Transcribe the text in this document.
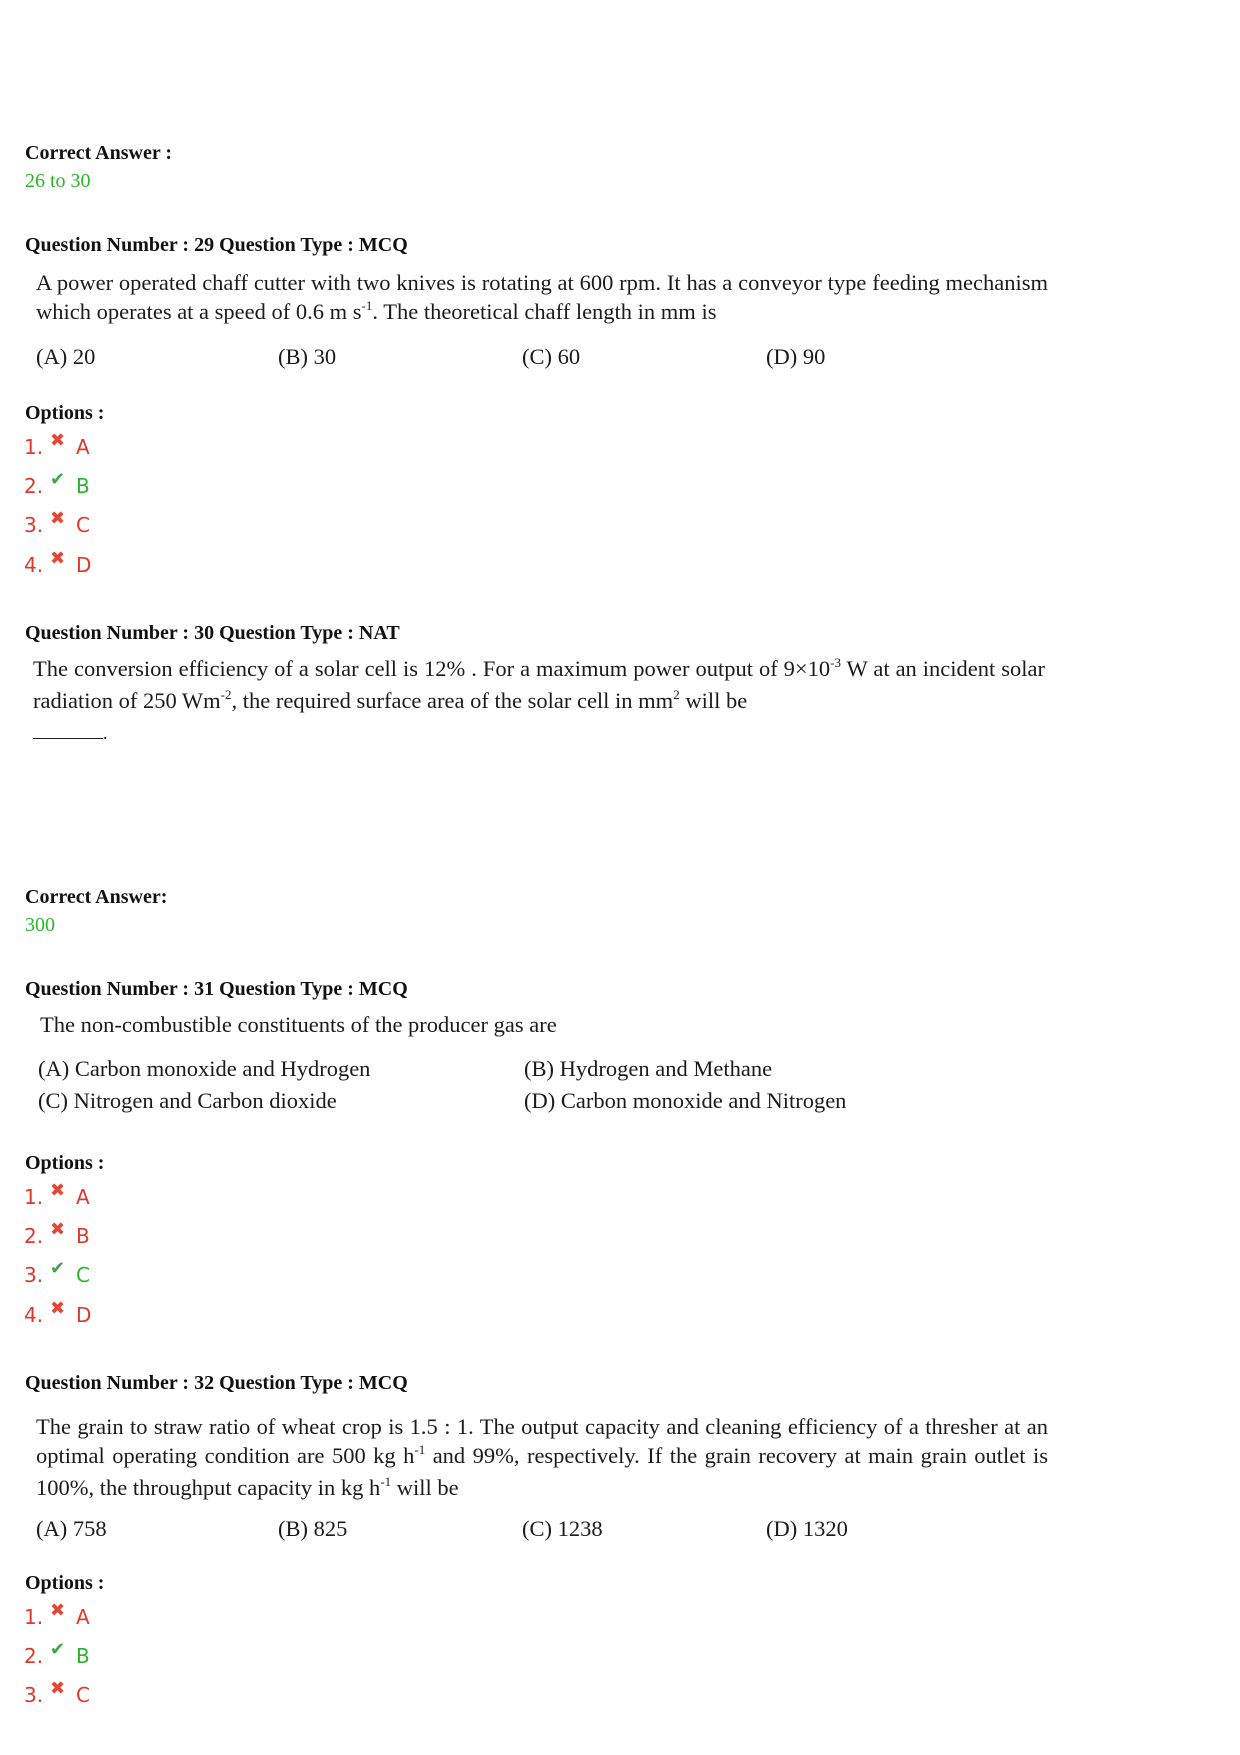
Correct Answer :
26 to 30
Question Number : 29 Question Type : MCQ
A power operated chaff cutter with two knives is rotating at 600 rpm. It has a conveyor type feeding mechanism which operates at a speed of 0.6 m $s^{-1}$. The theoretical chaff length in mm is
(A) 20	(B) 30	(C) 60	(D) 90
Options :
1. ✖ A
2. ✔ B
3. ✖ C
4. ✖ D
Question Number : 30 Question Type : NAT
The conversion efficiency of a solar cell is 12% . For a maximum power output of $9\times 10^{-3}$ W at an incident solar radiation of 250 $Wm^{-2}$, the required surface area of the solar cell in $mm^2$ will be
.
Correct Answer:
300
Question Number : 31 Question Type : MCQ
The non-combustible constituents of the producer gas are
(A) Carbon monoxide and Hydrogen	(B) Hydrogen and Methane
(C) Nitrogen and Carbon dioxide	(D) Carbon monoxide and Nitrogen
Options :
1. ✖ A
2. ✖ B
3. ✔ C
4. ✖ D
Question Number : 32 Question Type : MCQ
The grain to straw ratio of wheat crop is 1.5 : 1. The output capacity and cleaning efficiency of a thresher at an optimal operating condition are 500 kg $h^{-1}$ and 99%, respectively. If the grain recovery at main grain outlet is 100%, the throughput capacity in kg $h^{-1}$ will be
(A) 758	(B) 825	(C) 1238	(D) 1320
Options :
1. ✖ A
2. ✔ B
3. ✖ C
